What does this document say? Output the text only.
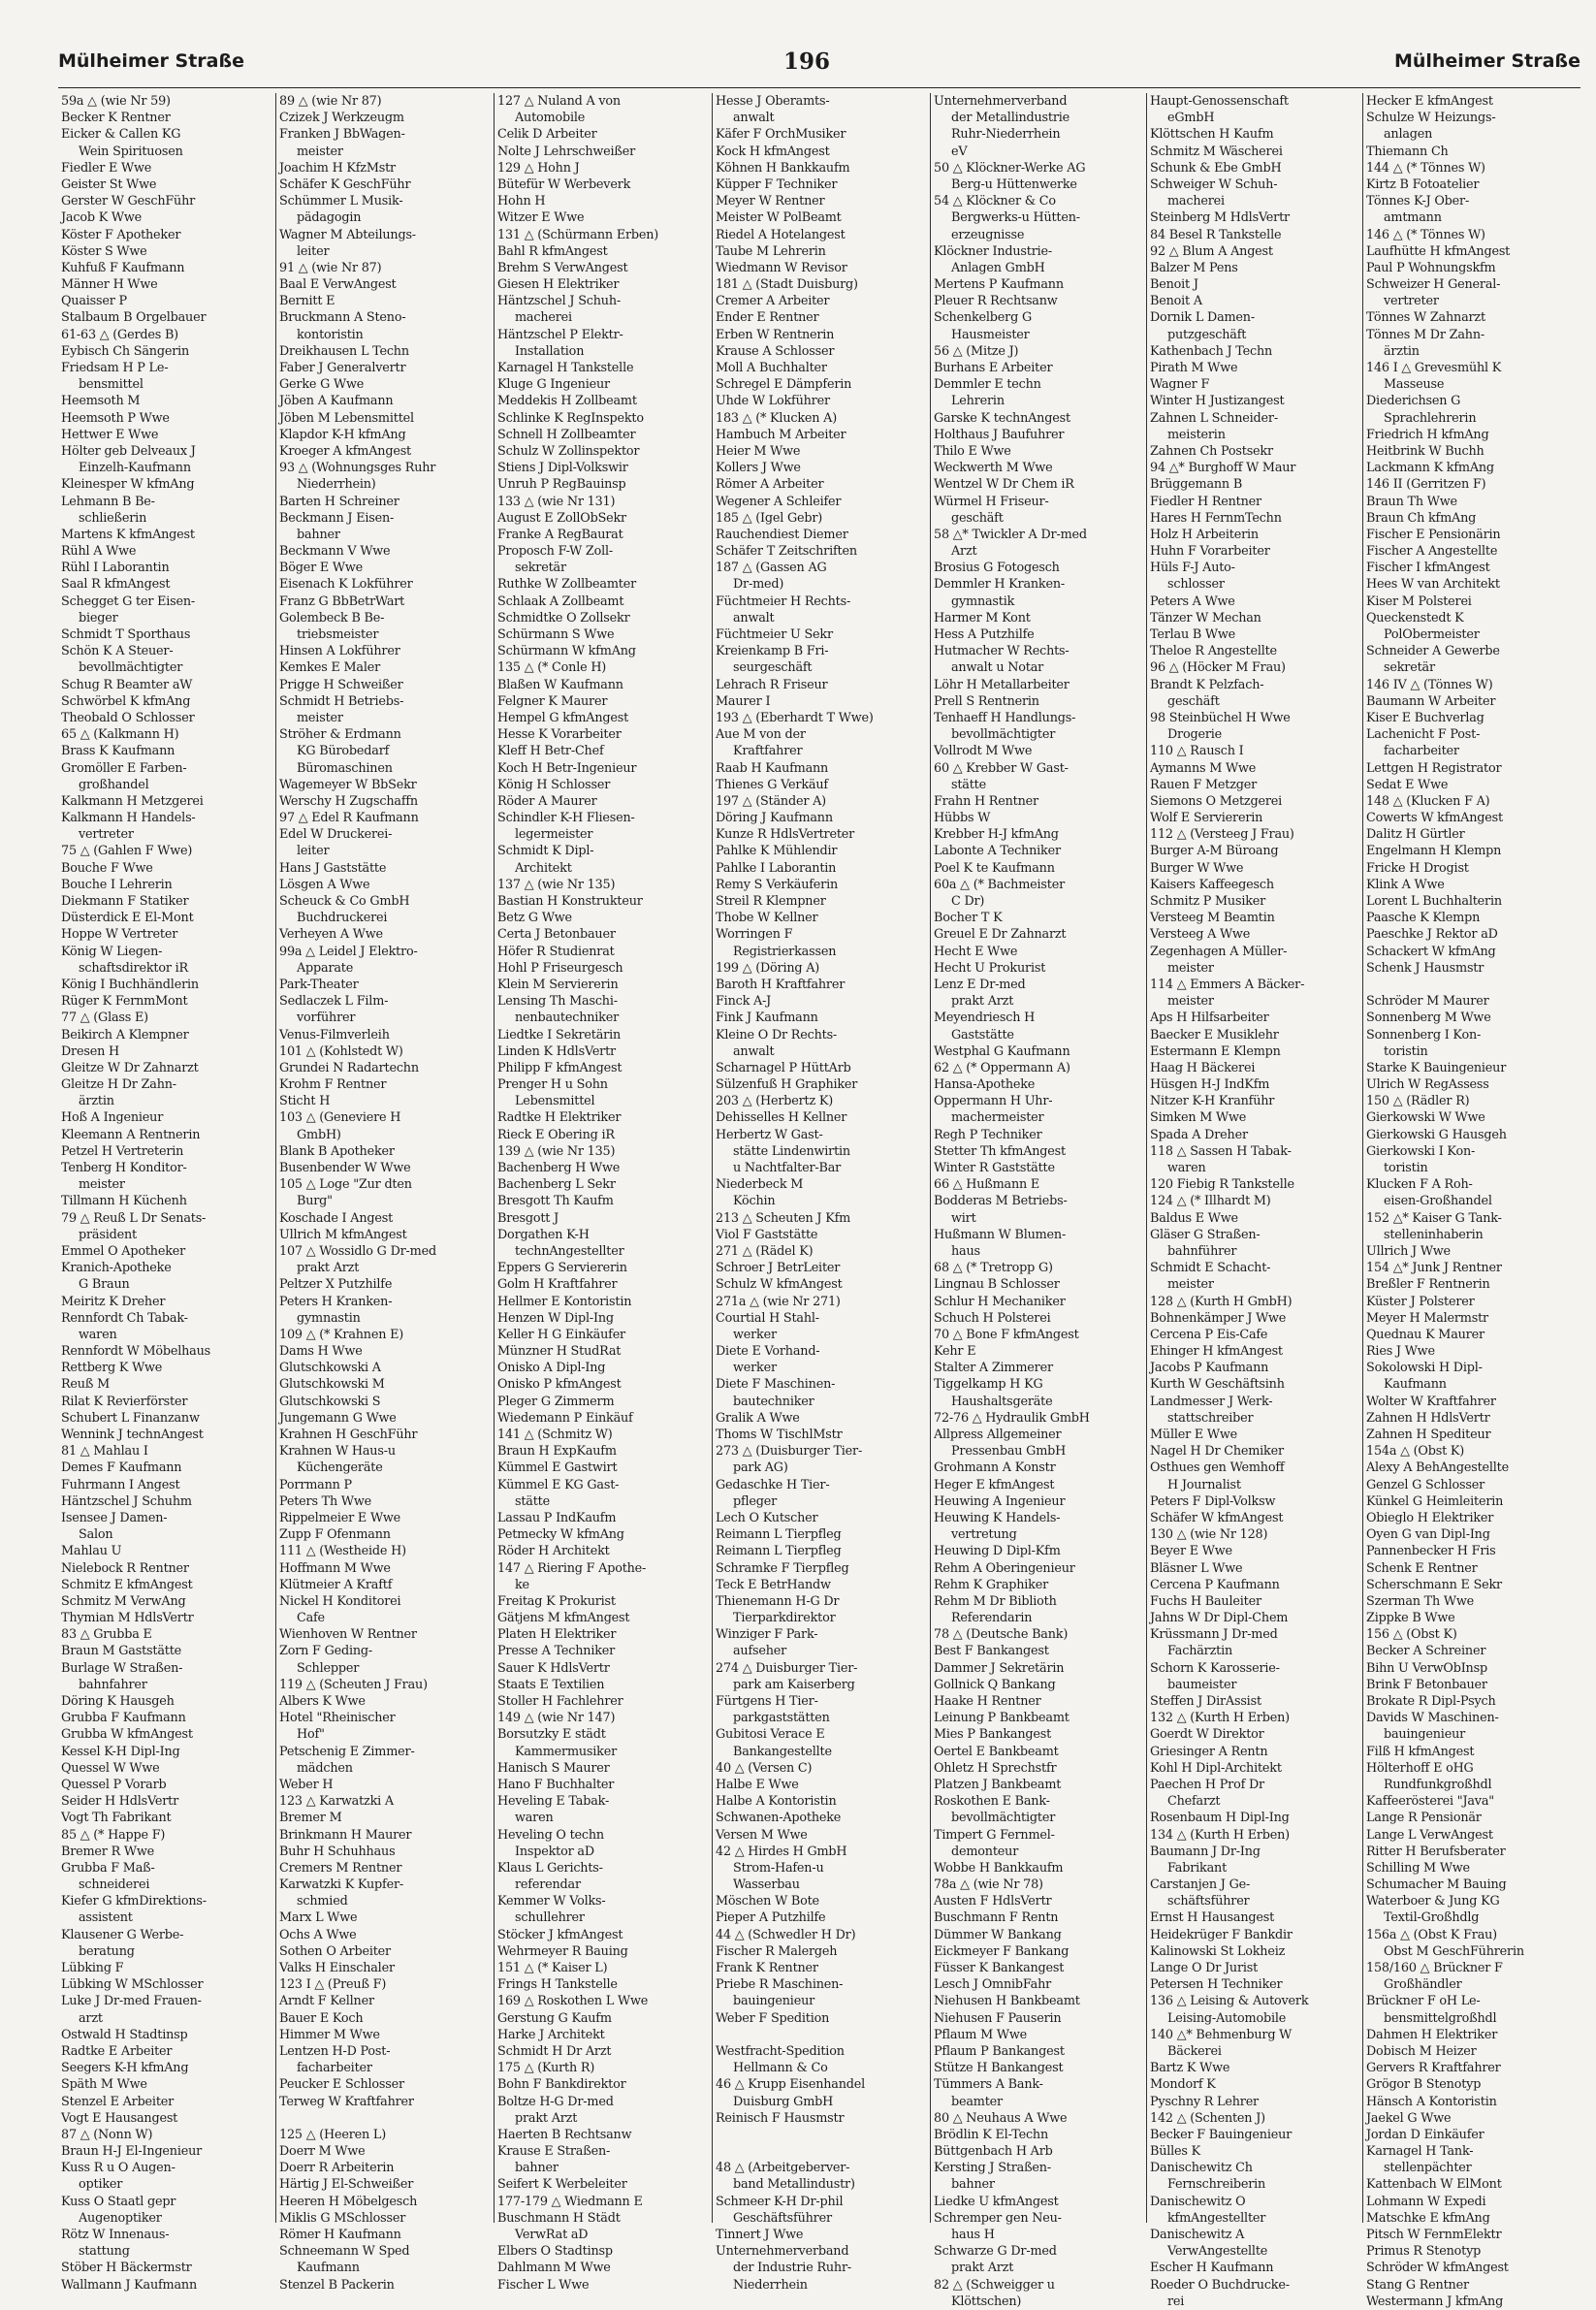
Mülheimer Straße	196	Mülheimer Straße
59a △ (wie Nr 59)
Becker K Rentner
Eicker & Callen KG
Wein Spirituosen
Fiedler E Wwe
Geister St Wwe
Gerster W GeschFühr
Jacob K Wwe
Köster F Apotheker
Köster S Wwe
Kuhfuß F Kaufmann
Männer H Wwe
Quaisser P
Stalbaum B Orgelbauer
61-63 △ (Gerdes B)
Eybisch Ch Sängerin
Friedsam H P Le-
bensmittel
Heemsoth M
Heemsoth P Wwe
Hettwer E Wwe
Hölter geb Delveaux J
Einzelh-Kaufmann
Kleinesper W kfmAng
Lehmann B Be-
schließerin
Martens K kfmAngest
Rühl A Wwe
Rühl I Laborantin
Saal R kfmAngest
Schegget G ter Eisen-
bieger
Schmidt T Sporthaus
Schön K A Steuer-
bevollmächtigter
Schug R Beamter aW
Schwörbel K kfmAng
Theobald O Schlosser
65 △ (Kalkmann H)
Brass K Kaufmann
Gromöller E Farben-
großhandel
Kalkmann H Metzgerei
Kalkmann H Handels-
vertreter
75 △ (Gahlen F Wwe)
Bouche F Wwe
Bouche I Lehrerin
Diekmann F Statiker
Düsterdick E El-Mont
Hoppe W Vertreter
König W Liegen-
schaftsdirektor iR
König I Buchhändlerin
Rüger K FernmMont
77 △ (Glass E)
Beikirch A Klempner
Dresen H
Gleitze W Dr Zahnarzt
Gleitze H Dr Zahn-
ärztin
Hoß A Ingenieur
Kleemann A Rentnerin
Petzel H Vertreterin
Tenberg H Konditor-
meister
Tillmann H Küchenh
79 △ Reuß L Dr Senats-
präsident
Emmel O Apotheker
Kranich-Apotheke
G Braun
Meiritz K Dreher
Rennfordt Ch Tabak-
waren
Rennfordt W Möbelhaus
Rettberg K Wwe
Reuß M
Rilat K Revierförster
Schubert L Finanzanw
Wennink J technAngest
81 △ Mahlau I
Demes F Kaufmann
Fuhrmann I Angest
Häntzschel J Schuhm
Isensee J Damen-
Salon
Mahlau U
Nielebock R Rentner
Schmitz E kfmAngest
Schmitz M VerwAng
Thymian M HdlsVertr
83 △ Grubba E
Braun M Gaststätte
Burlage W Straßen-
bahnfahrer
Döring K Hausgeh
Grubba F Kaufmann
Grubba W kfmAngest
Kessel K-H Dipl-Ing
Quessel W Wwe
Quessel P Vorarb
Seider H HdlsVertr
Vogt Th Fabrikant
85 △ (* Happe F)
Bremer R Wwe
Grubba F Maß-
schneiderei
Kiefer G kfmDirektions-
assistent
Klausener G Werbe-
beratung
Lübking F
Lübking W MSchlosser
Luke J Dr-med Frauen-
arzt
Ostwald H Stadtinsp
Radtke E Arbeiter
Seegers K-H kfmAng
Späth M Wwe
Stenzel E Arbeiter
Vogt E Hausangest
87 △ (Nonn W)
Braun H-J El-Ingenieur
Kuss R u O Augen-
optiker
Kuss O Staatl gepr
Augenoptiker
Rötz W Innenaus-
stattung
Stöber H Bäckermstr
Wallmann J Kaufmann
89 △ (wie Nr 87)
Czizek J Werkzeugm
Franken J BbWagen-
meister
Joachim H KfzMstr
Schäfer K GeschFühr
Schümmer L Musik-
pädagogin
Wagner M Abteilungs-
leiter
91 △ (wie Nr 87)
Baal E VerwAngest
Bernitt E
Bruckmann A Steno-
kontoristin
Dreikhausen L Techn
Faber J Generalvertr
Gerke G Wwe
Jöben A Kaufmann
Jöben M Lebensmittel
Klapdor K-H kfmAng
Kroeger A kfmAngest
93 △ (Wohnungsges Ruhr
Niederrhein)
Barten H Schreiner
Beckmann J Eisen-
bahner
Beckmann V Wwe
Böger E Wwe
Eisenach K Lokführer
Franz G BbBetrWart
Golembeck B Be-
triebsmeister
Hinsen A Lokführer
Kemkes E Maler
Prigge H Schweißer
Schmidt H Betriebs-
meister
Ströher & Erdmann
KG Bürobedarf
Büromaschinen
Wagemeyer W BbSekr
Werschy H Zugschaffn
97 △ Edel R Kaufmann
Edel W Druckerei-
leiter
Hans J Gaststätte
Lösgen A Wwe
Scheuck & Co GmbH
Buchdruckerei
Verheyen A Wwe
99a △ Leidel J Elektro-
Apparate
Park-Theater
Sedlaczek L Film-
vorführer
Venus-Filmverleih
101 △ (Kohlstedt W)
Grundei N Radartechn
Krohm F Rentner
Sticht H
103 △ (Geneviere H
GmbH)
Blank B Apotheker
Busenbender W Wwe
105 △ Loge "Zur dten
Burg"
Koschade I Angest
Ullrich M kfmAngest
107 △ Wossidlo G Dr-med
prakt Arzt
Peltzer X Putzhilfe
Peters H Kranken-
gymnastin
109 △ (* Krahnen E)
Dams H Wwe
Glutschkowski A
Glutschkowski M
Glutschkowski S
Jungemann G Wwe
Krahnen H GeschFühr
Krahnen W Haus-u
Küchengeräte
Porrmann P
Peters Th Wwe
Rippelmeier E Wwe
Zupp F Ofenmann
111 △ (Westheide H)
Hoffmann M Wwe
Klütmeier A Kraftf
Nickel H Konditorei
Cafe
Wienhoven W Rentner
Zorn F Geding-
Schlepper
119 △ (Scheuten J Frau)
Albers K Wwe
Hotel "Rheinischer
Hof"
Petschenig E Zimmer-
mädchen
Weber H
123 △ Karwatzki A
Bremer M
Brinkmann H Maurer
Buhr H Schuhhaus
Cremers M Rentner
Karwatzki K Kupfer-
schmied
Marx L Wwe
Ochs A Wwe
Sothen O Arbeiter
Valks H Einschaler
123 I △ (Preuß F)
Arndt F Kellner
Bauer E Koch
Himmer M Wwe
Lentzen H-D Post-
facharbeiter
Peucker E Schlosser
Terweg W Kraftfahrer
125 △ (Heeren L)
Doerr M Wwe
Doerr R Arbeiterin
Härtig J El-Schweißer
Heeren H Möbelgesch
Miklis G MSchlosser
Römer H Kaufmann
Schneemann W Sped
Kaufmann
Stenzel B Packerin
127 △ Nuland A von
Automobile
Celik D Arbeiter
Nolte J Lehrschweißer
129 △ Hohn J
Bütefür W Werbeverk
Hohn H
Witzer E Wwe
131 △ (Schürmann Erben)
Bahl R kfmAngest
Brehm S VerwAngest
Giesen H Elektriker
Häntzschel J Schuh-
macherei
Häntzschel P Elektr-
Installation
Karnagel H Tankstelle
Kluge G Ingenieur
Meddekis H Zollbeamt
Schlinke K RegInspekto
Schnell H Zollbeamter
Schulz W Zollinspektor
Stiens J Dipl-Volkswir
Unruh P RegBauinsp
133 △ (wie Nr 131)
August E ZollObSekr
Franke A RegBaurat
Proposch F-W Zoll-
sekretär
Ruthke W Zollbeamter
Schlaak A Zollbeamt
Schmidtke O Zollsekr
Schürmann S Wwe
Schürmann W kfmAng
135 △ (* Conle H)
Blaßen W Kaufmann
Felgner K Maurer
Hempel G kfmAngest
Hesse K Vorarbeiter
Kleff H Betr-Chef
Koch H Betr-Ingenieur
König H Schlosser
Röder A Maurer
Schindler K-H Fliesen-
legermeister
Schmidt K Dipl-
Architekt
137 △ (wie Nr 135)
Bastian H Konstrukteur
Betz G Wwe
Certa J Betonbauer
Höfer R Studienrat
Hohl P Friseurgesch
Klein M Serviererin
Lensing Th Maschi-
nenbautechniker
Liedtke I Sekretärin
Linden K HdlsVertr
Philipp F kfmAngest
Prenger H u Sohn
Lebensmittel
Radtke H Elektriker
Rieck E Obering iR
139 △ (wie Nr 135)
Bachenberg H Wwe
Bachenberg L Sekr
Bresgott Th Kaufm
Bresgott J
Dorgathen K-H
technAngestellter
Eppers G Serviererin
Golm H Kraftfahrer
Hellmer E Kontoristin
Henzen W Dipl-Ing
Keller H G Einkäufer
Münzner H StudRat
Onisko A Dipl-Ing
Onisko P kfmAngest
Pleger G Zimmerm
Wiedemann P Einkäuf
141 △ (Schmitz W)
Braun H ExpKaufm
Kümmel E Gastwirt
Kümmel E KG Gast-
stätte
Lassau P IndKaufm
Petmecky W kfmAng
Röder H Architekt
147 △ Riering F Apothe-
ke
Freitag K Prokurist
Gätjens M kfmAngest
Platen H Elektriker
Presse A Techniker
Sauer K HdlsVertr
Staats E Textilien
Stoller H Fachlehrer
149 △ (wie Nr 147)
Borsutzky E städt
Kammermusiker
Hanisch S Maurer
Hano F Buchhalter
Heveling E Tabak-
waren
Heveling O techn
Inspektor aD
Klaus L Gerichts-
referendar
Kemmer W Volks-
schullehrer
Stöcker J kfmAngest
Wehrmeyer R Bauing
151 △ (* Kaiser L)
Frings H Tankstelle
169 △ Roskothen L Wwe
Gerstung G Kaufm
Harke J Architekt
Schmidt H Dr Arzt
175 △ (Kurth R)
Bohn F Bankdirektor
Boltze H-G Dr-med
prakt Arzt
Haerten B Rechtsanw
Krause E Straßen-
bahner
Seifert K Werbeleiter
177-179 △ Wiedmann E
Buschmann H Städt
VerwRat aD
Elbers O Stadtinsp
Dahlmann M Wwe
Fischer L Wwe
Hesse J Oberamts-
anwalt
Käfer F OrchMusiker
Kock H kfmAngest
Köhnen H Bankkaufm
Küpper F Techniker
Meyer W Rentner
Meister W PolBeamt
Riedel A Hotelangest
Taube M Lehrerin
Wiedmann W Revisor
181 △ (Stadt Duisburg)
Cremer A Arbeiter
Ender E Rentner
Erben W Rentnerin
Krause A Schlosser
Moll A Buchhalter
Schregel E Dämpferin
Uhde W Lokführer
183 △ (* Klucken A)
Hambuch M Arbeiter
Heier M Wwe
Kollers J Wwe
Römer A Arbeiter
Wegener A Schleifer
185 △ (Igel Gebr)
Rauchendiest Diemer
Schäfer T Zeitschriften
187 △ (Gassen AG
Dr-med)
Füchtmeier H Rechts-
anwalt
Füchtmeier U Sekr
Kreienkamp B Fri-
seurgeschäft
Lehrach R Friseur
Maurer I
193 △ (Eberhardt T Wwe)
Aue M von der
Kraftfahrer
Raab H Kaufmann
Thienes G Verkäuf
197 △ (Ständer A)
Döring J Kaufmann
Kunze R HdlsVertreter
Pahlke K Mühlendir
Pahlke I Laborantin
Remy S Verkäuferin
Streil R Klempner
Thobe W Kellner
Worringen F
Registrierkassen
199 △ (Döring A)
Baroth H Kraftfahrer
Finck A-J
Fink J Kaufmann
Kleine O Dr Rechts-
anwalt
Scharnagel P HüttArb
Sülzenfuß H Graphiker
203 △ (Herbertz K)
Dehisselles H Kellner
Herbertz W Gast-
stätte Lindenwirtin
u Nachtfalter-Bar
Niederbeck M
Köchin
213 △ Scheuten J Kfm
Viol F Gaststätte
271 △ (Rädel K)
Schroer J BetrLeiter
Schulz W kfmAngest
271a △ (wie Nr 271)
Courtial H Stahl-
werker
Diete E Vorhand-
werker
Diete F Maschinen-
bautechniker
Gralik A Wwe
Thoms W TischlMstr
273 △ (Duisburger Tier-
park AG)
Gedaschke H Tier-
pfleger
Lech O Kutscher
Reimann L Tierpfleg
Reimann L Tierpfleg
Schramke F Tierpfleg
Teck E BetrHandw
Thienemann H-G Dr
Tierparkdirektor
Winziger F Park-
aufseher
274 △ Duisburger Tier-
park am Kaiserberg
Fürtgens H Tier-
parkgaststätten
Gubitosi Verace E
Bankangestellte
40 △ (Versen C)
Halbe E Wwe
Halbe A Kontoristin
Schwanen-Apotheke
Versen M Wwe
42 △ Hirdes H GmbH
Strom-Hafen-u
Wasserbau
Möschen W Bote
Pieper A Putzhilfe
44 △ (Schwedler H Dr)
Fischer R Malergeh
Frank K Rentner
Priebe R Maschinen-
bauingenieur
Weber F Spedition
Westfracht-Spedition
Hellmann & Co
46 △ Krupp Eisenhandel
Duisburg GmbH
Reinisch F Hausmstr
48 △ (Arbeitgeberver-
band Metallindustr)
Schmeer K-H Dr-phil
Geschäftsführer
Tinnert J Wwe
Unternehmerverband
der Industrie Ruhr-
Niederrhein
Unternehmerverband
der Metallindustrie
Ruhr-Niederrhein
eV
50 △ Klöckner-Werke AG
Berg-u Hüttenwerke
54 △ Klöckner & Co
Bergwerks-u Hütten-
erzeugnisse
Klöckner Industrie-
Anlagen GmbH
Mertens P Kaufmann
Pleuer R Rechtsanw
Schenkelberg G
Hausmeister
56 △ (Mitze J)
Burhans E Arbeiter
Demmler E techn
Lehrerin
Garske K technAngest
Holthaus J Baufuhrer
Thilo E Wwe
Weckwerth M Wwe
Wentzel W Dr Chem iR
Würmel H Friseur-
geschäft
58 △* Twickler A Dr-med
Arzt
Brosius G Fotogesch
Demmler H Kranken-
gymnastik
Harmer M Kont
Hess A Putzhilfe
Hutmacher W Rechts-
anwalt u Notar
Löhr H Metallarbeiter
Prell S Rentnerin
Tenhaeff H Handlungs-
bevollmächtigter
Vollrodt M Wwe
60 △ Krebber W Gast-
stätte
Frahn H Rentner
Hübbs W
Krebber H-J kfmAng
Labonte A Techniker
Poel K te Kaufmann
60a △ (* Bachmeister
C Dr)
Bocher T K
Greuel E Dr Zahnarzt
Hecht E Wwe
Hecht U Prokurist
Lenz E Dr-med
prakt Arzt
Meyendriesch H
Gaststätte
Westphal G Kaufmann
62 △ (* Oppermann A)
Hansa-Apotheke
Oppermann H Uhr-
machermeister
Regh P Techniker
Stetter Th kfmAngest
Winter R Gaststätte
66 △ Hußmann E
Bodderas M Betriebs-
wirt
Hußmann W Blumen-
haus
68 △ (* Tretropp G)
Lingnau B Schlosser
Schlur H Mechaniker
Schuch H Polsterei
70 △ Bone F kfmAngest
Kehr E
Stalter A Zimmerer
Tiggelkamp H KG
Haushaltsgeräte
72-76 △ Hydraulik GmbH
Allpress Allgemeiner
Pressenbau GmbH
Grohmann A Konstr
Heger E kfmAngest
Heuwing A Ingenieur
Heuwing K Handels-
vertretung
Heuwing D Dipl-Kfm
Rehm A Oberingenieur
Rehm K Graphiker
Rehm M Dr Biblioth
Referendarin
78 △ (Deutsche Bank)
Best F Bankangest
Dammer J Sekretärin
Gollnick Q Bankang
Haake H Rentner
Leinung P Bankbeamt
Mies P Bankangest
Oertel E Bankbeamt
Ohletz H Sprechstfr
Platzen J Bankbeamt
Roskothen E Bank-
bevollmächtigter
Timpert G Fernmel-
demonteur
Wobbe H Bankkaufm
78a △ (wie Nr 78)
Austen F HdlsVertr
Buschmann F Rentn
Dümmer W Bankang
Eickmeyer F Bankang
Füsser K Bankangest
Lesch J OmnibFahr
Niehusen H Bankbeamt
Niehusen F Pauserin
Pflaum M Wwe
Pflaum P Bankangest
Stütze H Bankangest
Tümmers A Bank-
beamter
80 △ Neuhaus A Wwe
Brödlin K El-Techn
Büttgenbach H Arb
Kersting J Straßen-
bahner
Liedke U kfmAngest
Schremper gen Neu-
haus H
Schwarze G Dr-med
prakt Arzt
82 △ (Schweigger u
Klöttschen)
Haupt-Genossenschaft
eGmbH
Klöttschen H Kaufm
Schmitz M Wäscherei
Schunk & Ebe GmbH
Schweiger W Schuh-
macherei
Steinberg M HdlsVertr
84 Besel R Tankstelle
92 △ Blum A Angest
Balzer M Pens
Benoit J
Benoit A
Dornik L Damen-
putzgeschäft
Kathenbach J Techn
Pirath M Wwe
Wagner F
Winter H Justizangest
Zahnen L Schneider-
meisterin
Zahnen Ch Postsekr
94 △* Burghoff W Maur
Brüggemann B
Fiedler H Rentner
Hares H FernmTechn
Holz H Arbeiterin
Huhn F Vorarbeiter
Hüls F-J Auto-
schlosser
Peters A Wwe
Tänzer W Mechan
Terlau B Wwe
Theloe R Angestellte
96 △ (Höcker M Frau)
Brandt K Pelzfach-
geschäft
98 Steinbüchel H Wwe
Drogerie
110 △ Rausch I
Aymanns M Wwe
Rauen F Metzger
Siemons O Metzgerei
Wolf E Serviererin
112 △ (Versteeg J Frau)
Burger A-M Büroang
Burger W Wwe
Kaisers Kaffeegesch
Schmitz P Musiker
Versteeg M Beamtin
Versteeg A Wwe
Zegenhagen A Müller-
meister
114 △ Emmers A Bäcker-
meister
Aps H Hilfsarbeiter
Baecker E Musiklehr
Estermann E Klempn
Haag H Bäckerei
Hüsgen H-J IndKfm
Nitzer K-H Kranführ
Simken M Wwe
Spada A Dreher
118 △ Sassen H Tabak-
waren
120 Fiebig R Tankstelle
124 △ (* Illhardt M)
Baldus E Wwe
Gläser G Straßen-
bahnführer
Schmidt E Schacht-
meister
128 △ (Kurth H GmbH)
Bohnenkämper J Wwe
Cercena P Eis-Cafe
Ehinger H kfmAngest
Jacobs P Kaufmann
Kurth W Geschäftsinh
Landmesser J Werk-
stattschreiber
Müller E Wwe
Nagel H Dr Chemiker
Osthues gen Wemhoff
H Journalist
Peters F Dipl-Volksw
Schäfer W kfmAngest
130 △ (wie Nr 128)
Beyer E Wwe
Bläsner L Wwe
Cercena P Kaufmann
Fuchs H Bauleiter
Jahns W Dr Dipl-Chem
Krüssmann J Dr-med
Fachärztin
Schorn K Karosserie-
baumeister
Steffen J DirAssist
132 △ (Kurth H Erben)
Goerdt W Direktor
Griesinger A Rentn
Kohl H Dipl-Architekt
Paechen H Prof Dr
Chefarzt
Rosenbaum H Dipl-Ing
134 △ (Kurth H Erben)
Baumann J Dr-Ing
Fabrikant
Carstanjen J Ge-
schäftsführer
Ernst H Hausangest
Heidekrüger F Bankdir
Kalinowski St Lokheiz
Lange O Dr Jurist
Petersen H Techniker
136 △ Leising & Autoverk
Leising-Automobile
140 △* Behmenburg W
Bäckerei
Bartz K Wwe
Mondorf K
Pyschny R Lehrer
142 △ (Schenten J)
Becker F Bauingenieur
Bülles K
Danischewitz Ch
Fernschreiberin
Danischewitz O
kfmAngestellter
Danischewitz A
VerwAngestellte
Escher H Kaufmann
Roeder O Buchdrucke-
rei
Hecker E kfmAngest
Schulze W Heizungs-
anlagen
Thiemann Ch
144 △ (* Tönnes W)
Kirtz B Fotoatelier
Tönnes K-J Ober-
amtmann
146 △ (* Tönnes W)
Laufhütte H kfmAngest
Paul P Wohnungskfm
Schweizer H General-
vertreter
Tönnes W Zahnarzt
Tönnes M Dr Zahn-
ärztin
146 I △ Grevesmühl K
Masseuse
Diederichsen G
Sprachlehrerin
Friedrich H kfmAng
Heitbrink W Buchh
Lackmann K kfmAng
146 II (Gerritzen F)
Braun Th Wwe
Braun Ch kfmAng
Fischer E Pensionärin
Fischer A Angestellte
Fischer I kfmAngest
Hees W van Architekt
Kiser M Polsterei
Queckenstedt K
PolObermeister
Schneider A Gewerbe
sekretär
146 IV △ (Tönnes W)
Baumann W Arbeiter
Kiser E Buchverlag
Lachenicht F Post-
facharbeiter
Lettgen H Registrator
Sedat E Wwe
148 △ (Klucken F A)
Cowerts W kfmAngest
Dalitz H Gürtler
Engelmann H Klempn
Fricke H Drogist
Klink A Wwe
Lorent L Buchhalterin
Paasche K Klempn
Paeschke J Rektor aD
Schackert W kfmAng
Schenk J Hausmstr
Schröder M Maurer
Sonnenberg M Wwe
Sonnenberg I Kon-
toristin
Starke K Bauingenieur
Ulrich W RegAssess
150 △ (Rädler R)
Gierkowski W Wwe
Gierkowski G Hausgeh
Gierkowski I Kon-
toristin
Klucken F A Roh-
eisen-Großhandel
152 △* Kaiser G Tank-
stelleninhaberin
Ullrich J Wwe
154 △* Junk J Rentner
Breßler F Rentnerin
Küster J Polsterer
Meyer H Malermstr
Quednau K Maurer
Ries J Wwe
Sokolowski H Dipl-
Kaufmann
Wolter W Kraftfahrer
Zahnen H HdlsVertr
Zahnen H Spediteur
154a △ (Obst K)
Alexy A BehAngestellte
Genzel G Schlosser
Künkel G Heimleiterin
Obieglo H Elektriker
Oyen G van Dipl-Ing
Pannenbecker H Fris
Schenk E Rentner
Scherschmann E Sekr
Szerman Th Wwe
Zippke B Wwe
156 △ (Obst K)
Becker A Schreiner
Bihn U VerwObInsp
Brink F Betonbauer
Brokate R Dipl-Psych
Davids W Maschinen-
bauingenieur
Filß H kfmAngest
Hölterhoff E oHG
Rundfunkgroßhdl
Kaffeerösterei "Java"
Lange R Pensionär
Lange L VerwAngest
Ritter H Berufsberater
Schilling M Wwe
Schumacher M Bauing
Waterboer & Jung KG
Textil-Großhdlg
156a △ (Obst K Frau)
Obst M GeschFührerin
158/160 △ Brückner F
Großhändler
Brückner F oH Le-
bensmittelgroßhdl
Dahmen H Elektriker
Dobisch M Heizer
Gervers R Kraftfahrer
Grögor B Stenotyp
Hänsch A Kontoristin
Jaekel G Wwe
Jordan D Einkäufer
Karnagel H Tank-
stellenpächter
Kattenbach W ElMont
Lohmann W Expedi
Matschke E kfmAng
Pitsch W FernmElektr
Primus R Stenotyp
Schröder W kfmAngest
Stang G Rentner
Westermann J kfmAng
